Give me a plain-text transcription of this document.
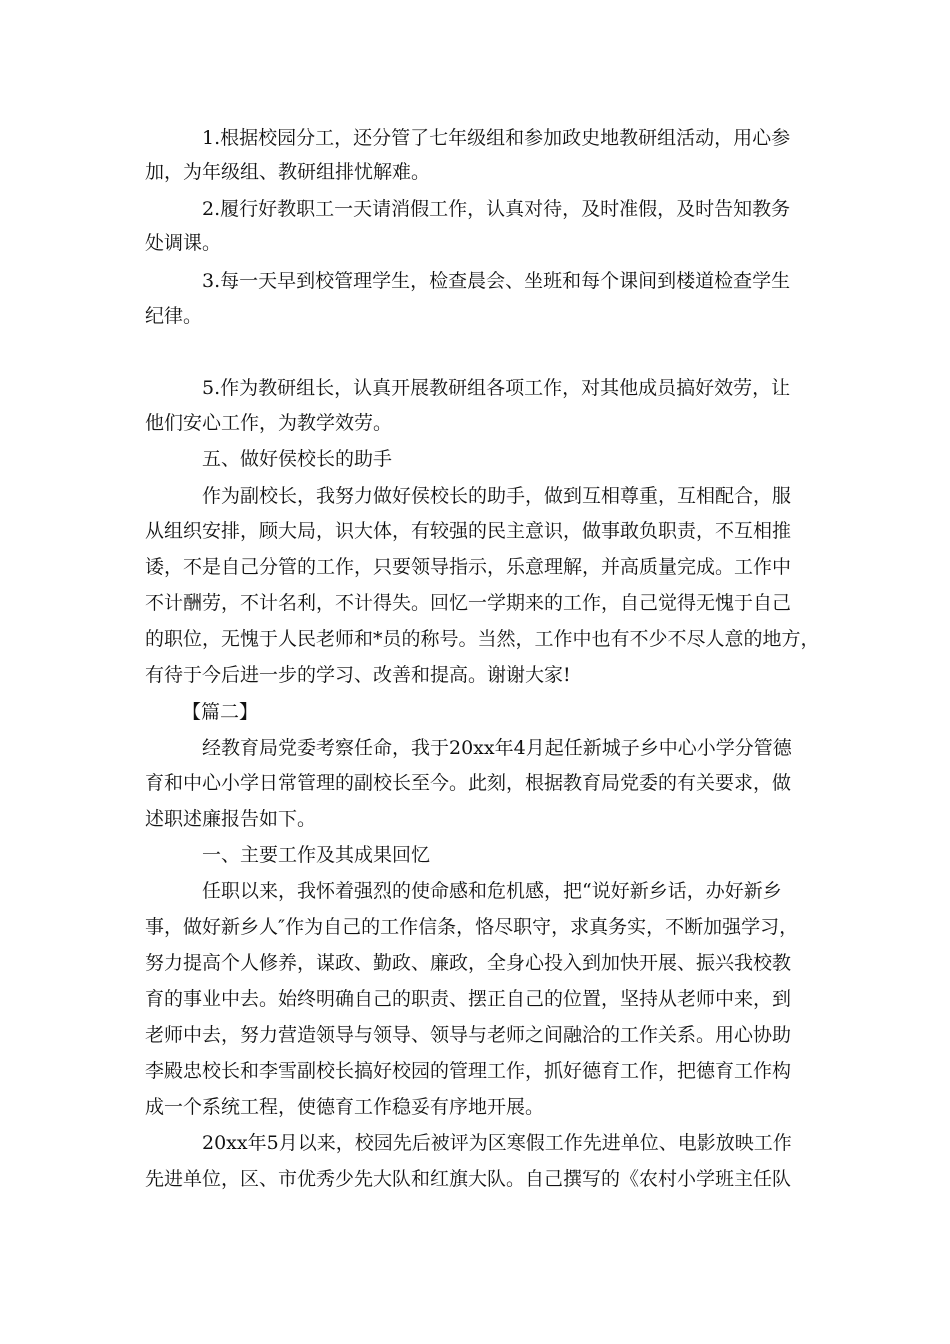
1.根据校园分工，还分管了七年级组和参加政史地教研组活动，用心参
加，为年级组、教研组排忧解难。
2.履行好教职工一天请消假工作，认真对待，及时准假，及时告知教务
处调课。
3.每一天早到校管理学生，检查晨会、坐班和每个课间到楼道检查学生
纪律。
5.作为教研组长，认真开展教研组各项工作，对其他成员搞好效劳，让
他们安心工作，为教学效劳。
五、做好侯校长的助手
作为副校长，我努力做好侯校长的助手，做到互相尊重，互相配合，服
从组织安排，顾大局，识大体，有较强的民主意识，做事敢负职责，不互相推
诿，不是自己分管的工作，只要领导指示，乐意理解，并高质量完成。工作中
不计酬劳，不计名利，不计得失。回忆一学期来的工作，自己觉得无愧于自己
的职位，无愧于人民老师和*员的称号。当然，工作中也有不少不尽人意的地方，
有待于今后进一步的学习、改善和提高。谢谢大家!
【篇二】
经教育局党委考察任命，我于20xx年4月起任新城子乡中心小学分管德
育和中心小学日常管理的副校长至今。此刻，根据教育局党委的有关要求，做
述职述廉报告如下。
一、主要工作及其成果回忆
任职以来，我怀着强烈的使命感和危机感，把“说好新乡话，办好新乡
事，做好新乡人″作为自己的工作信条，恪尽职守，求真务实，不断加强学习，
努力提高个人修养，谋政、勤政、廉政，全身心投入到加快开展、振兴我校教
育的事业中去。始终明确自己的职责、摆正自己的位置，坚持从老师中来，到
老师中去，努力营造领导与领导、领导与老师之间融洽的工作关系。用心协助
李殿忠校长和李雪副校长搞好校园的管理工作，抓好德育工作，把德育工作构
成一个系统工程，使德育工作稳妥有序地开展。
20xx年5月以来，校园先后被评为区寒假工作先进单位、电影放映工作
先进单位，区、市优秀少先大队和红旗大队。自己撰写的《农村小学班主任队
